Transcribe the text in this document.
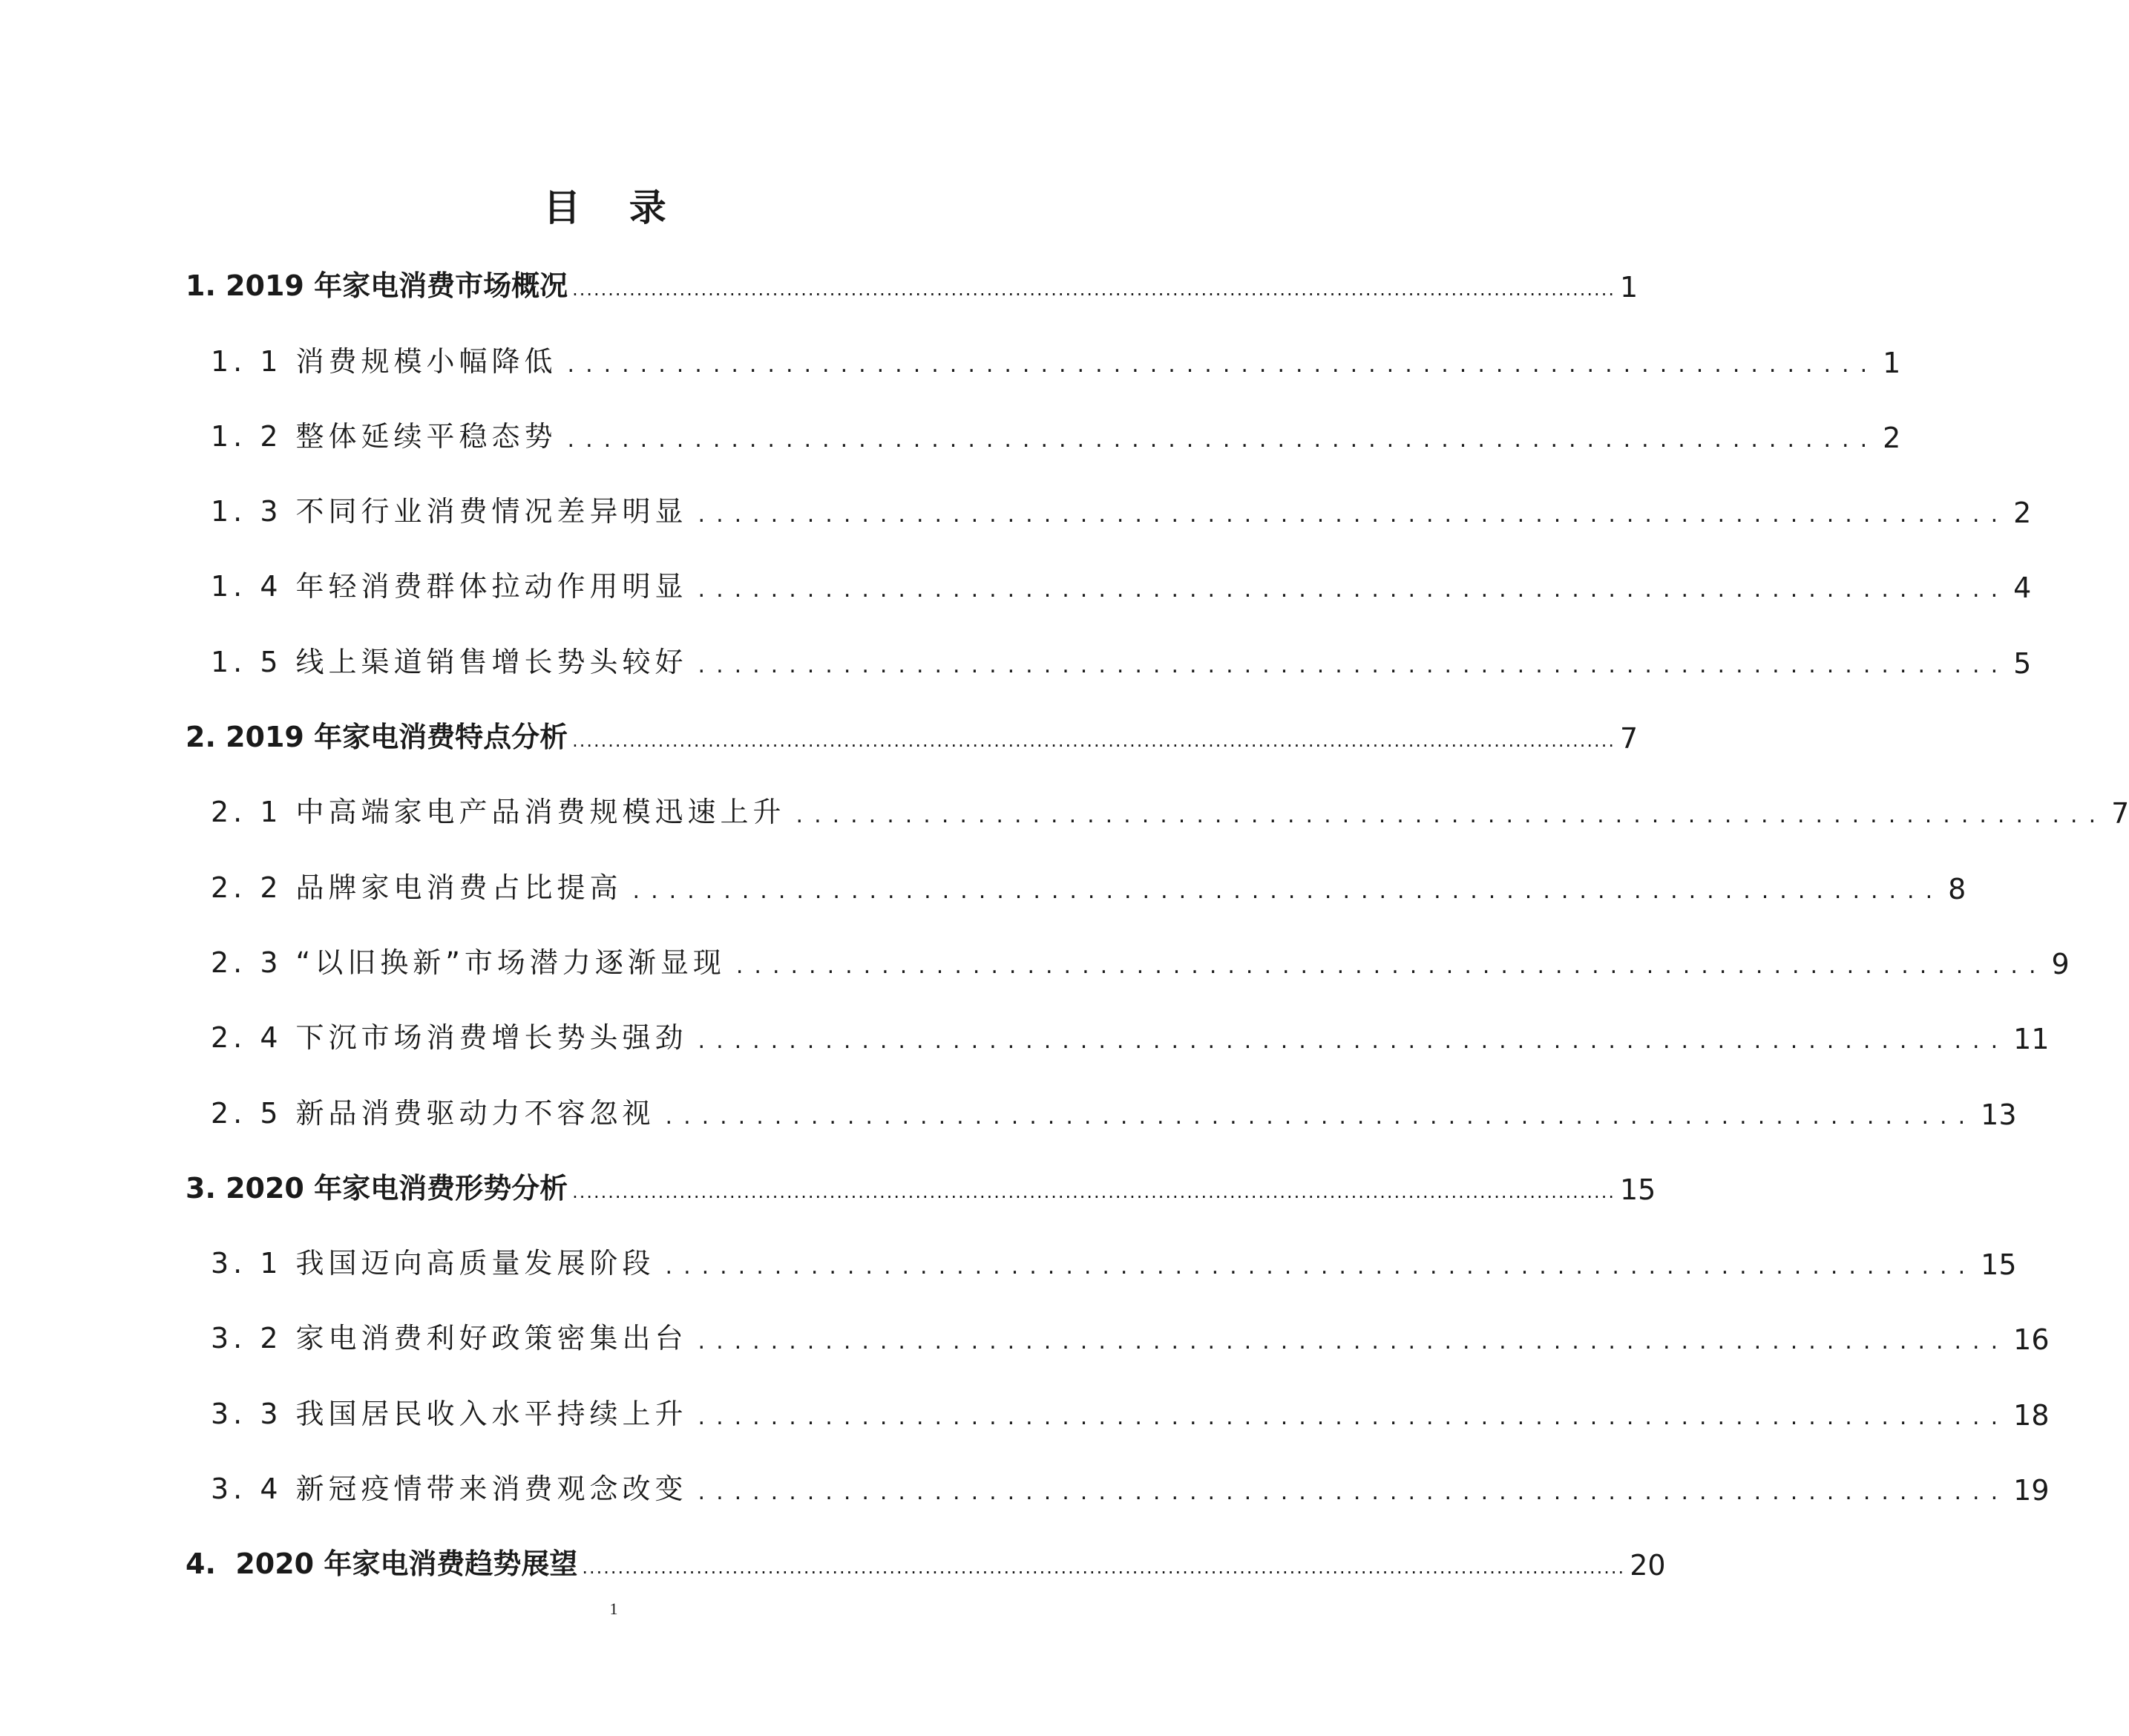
目 录
1. 2019 年家电消费市场概况 .................................................................................................................................................. 1
1. 1 消费规模小幅降低 ........................................................................ 1
1. 2 整体延续平稳态势 ........................................................................ 2
1. 3 不同行业消费情况差异明显 ........................................................................ 2
1. 4 年轻消费群体拉动作用明显 ........................................................................ 4
1. 5 线上渠道销售增长势头较好 ........................................................................ 5
2. 2019 年家电消费特点分析 .................................................................................................................................................. 7
2. 1 中高端家电产品消费规模迅速上升 ........................................................................ 7
2. 2 品牌家电消费占比提高 ........................................................................ 8
2. 3 “以旧换新”市场潜力逐渐显现 ........................................................................ 9
2. 4 下沉市场消费增长势头强劲 ........................................................................ 11
2. 5 新品消费驱动力不容忽视 ........................................................................ 13
3. 2020 年家电消费形势分析 .................................................................................................................................................. 15
3. 1 我国迈向高质量发展阶段 ........................................................................ 15
3. 2 家电消费利好政策密集出台 ........................................................................ 16
3. 3 我国居民收入水平持续上升 ........................................................................ 18
3. 4 新冠疫情带来消费观念改变 ........................................................................ 19
4.  2020 年家电消费趋势展望 .................................................................................................................................................. 20
1
